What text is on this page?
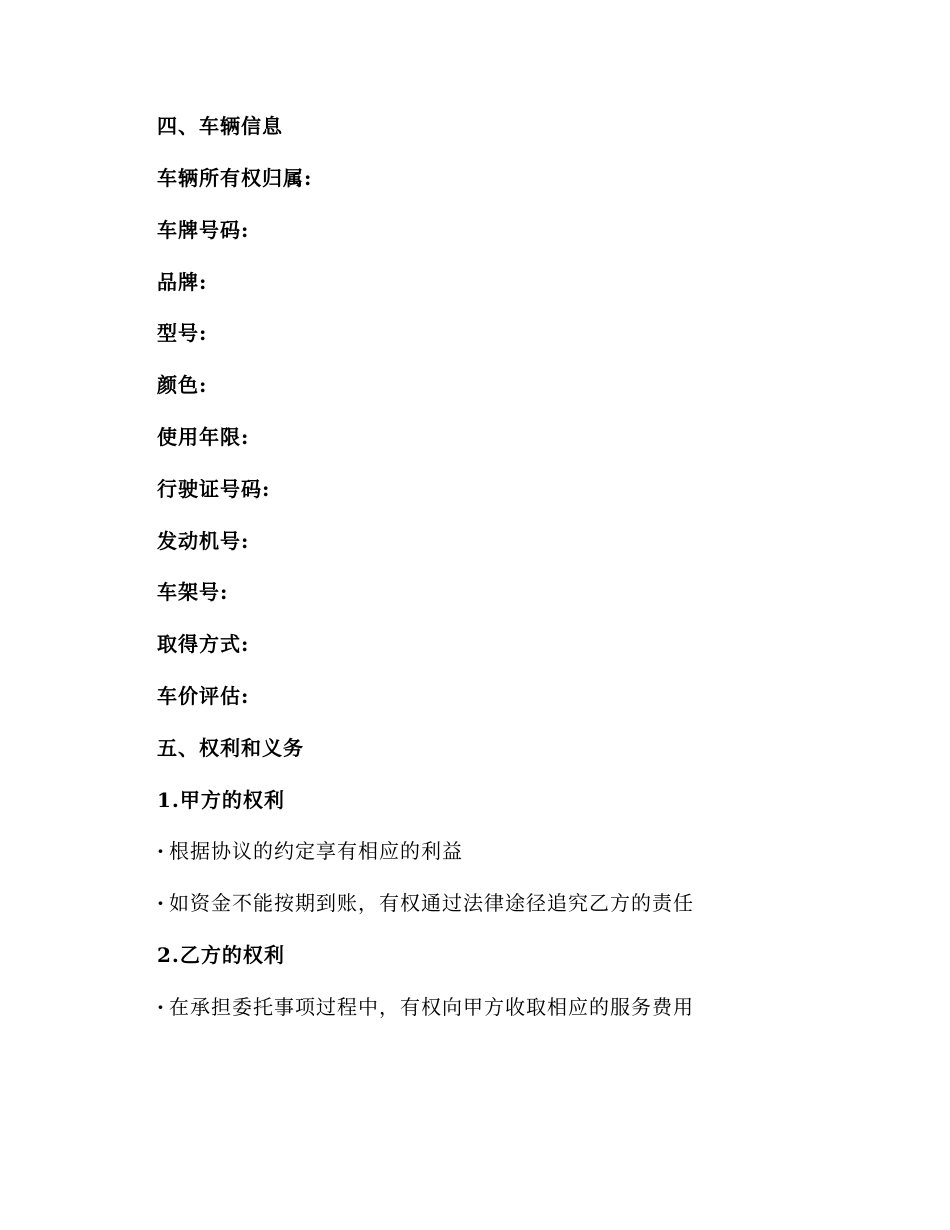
四、车辆信息
车辆所有权归属:
车牌号码:
品牌:
型号:
颜色:
使用年限:
行驶证号码:
发动机号:
车架号:
取得方式:
车价评估:
五、权利和义务
1.甲方的权利
· 根据协议的约定享有相应的利益
· 如资金不能按期到账，有权通过法律途径追究乙方的责任
2.乙方的权利
· 在承担委托事项过程中，有权向甲方收取相应的服务费用
